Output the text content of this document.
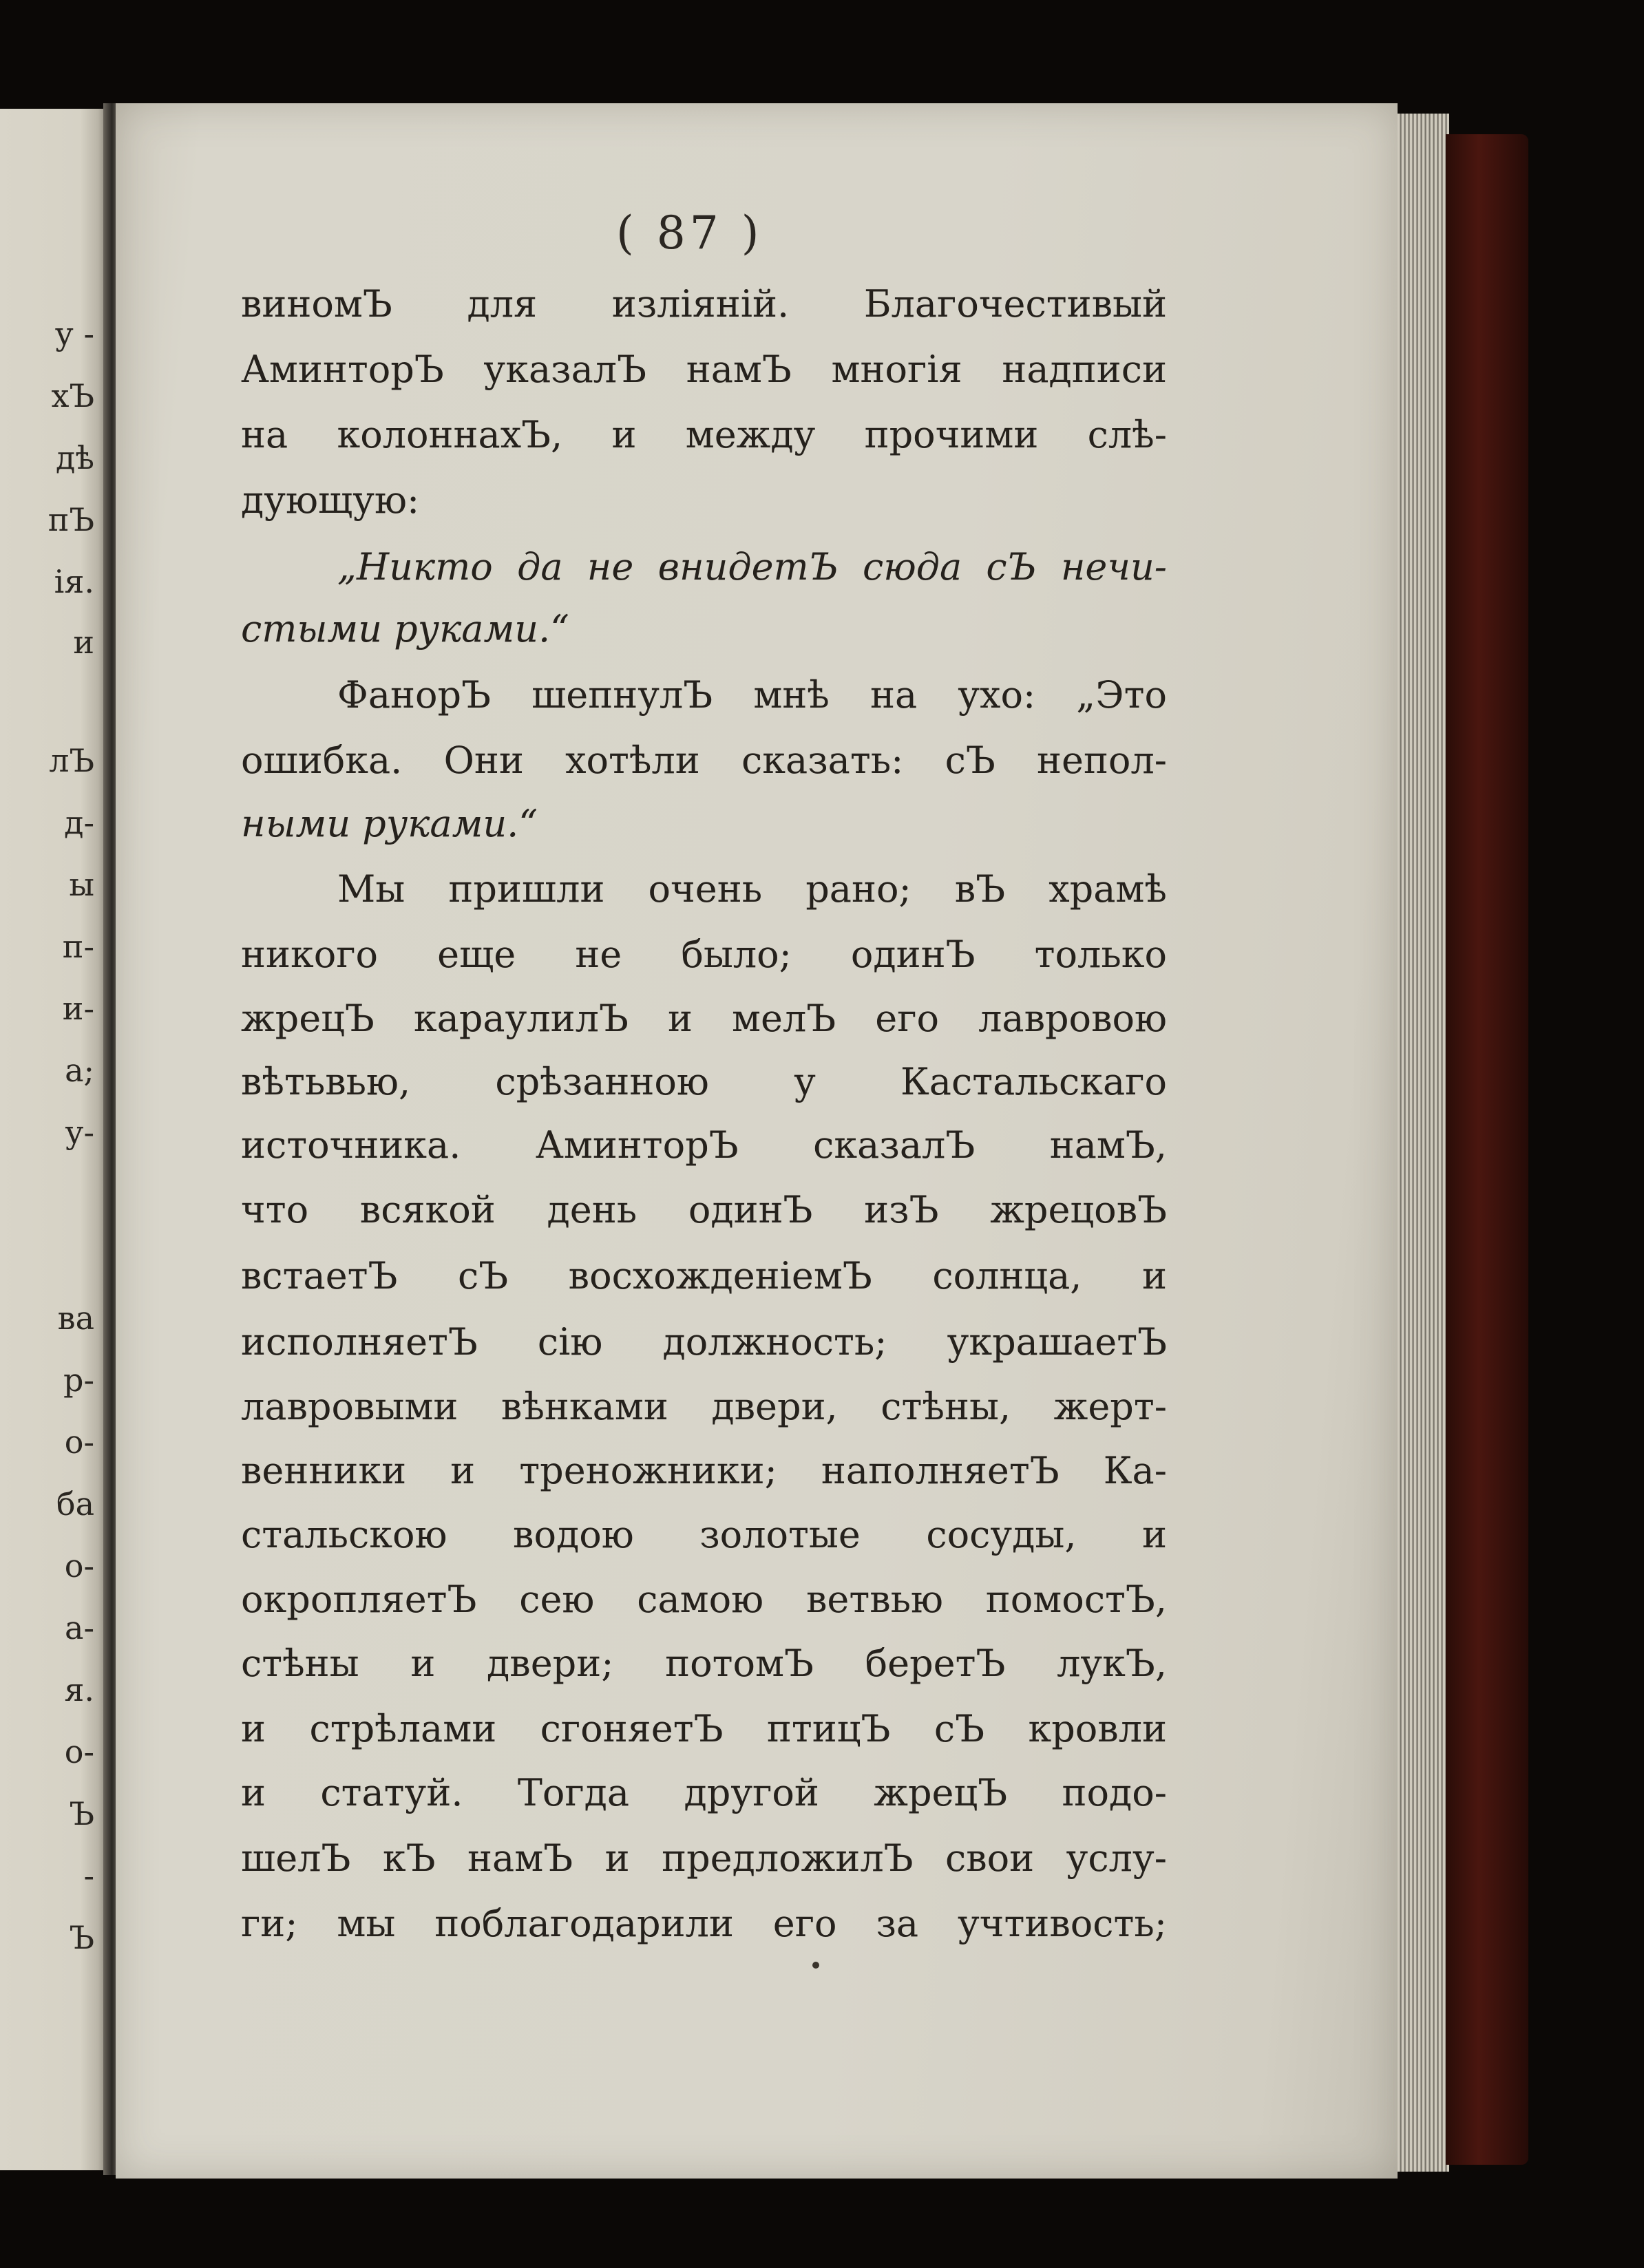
у -

хЪ

дѣ

пЪ

ія.

и

лЪ

д-

ы

п-

и-

а;

у-

ва

р-

о-

ба

о-

а-

я.

о-

Ъ

-

Ъ

( 87 )

виномЪ для изліяній. Благочестивый

АминторЪ указалЪ намЪ многія надписи

на колоннахЪ, и между прочими слѣ-

дующую:

„Никто да не внидетЪ сюда сЪ нечи-

стыми руками.“

ФанорЪ шепнулЪ мнѣ на ухо: „Это

ошибка. Они хотѣли сказать: сЪ непол-

ными руками.“

Мы пришли очень рано; вЪ храмѣ

никого еще не было; одинЪ только

жрецЪ караулилЪ и мелЪ его лавровою

вѣтьвью, срѣзанною у Кастальскаго

источника. АминторЪ сказалЪ намЪ,

что всякой день одинЪ изЪ жрецовЪ

встаетЪ сЪ восхожденіемЪ солнца, и

исполняетЪ сію должность; украшаетЪ

лавровыми вѣнками двери, стѣны, жерт-

венники и треножники; наполняетЪ Ка-

стальскою водою золотые сосуды, и

окропляетЪ сею самою ветвью помостЪ,

стѣны и двери; потомЪ беретЪ лукЪ,

и стрѣлами сгоняетЪ птицЪ сЪ кровли

и статуй. Тогда другой жрецЪ подо-

шелЪ кЪ намЪ и предложилЪ свои услу-

ги; мы поблагодарили его за учтивость;
